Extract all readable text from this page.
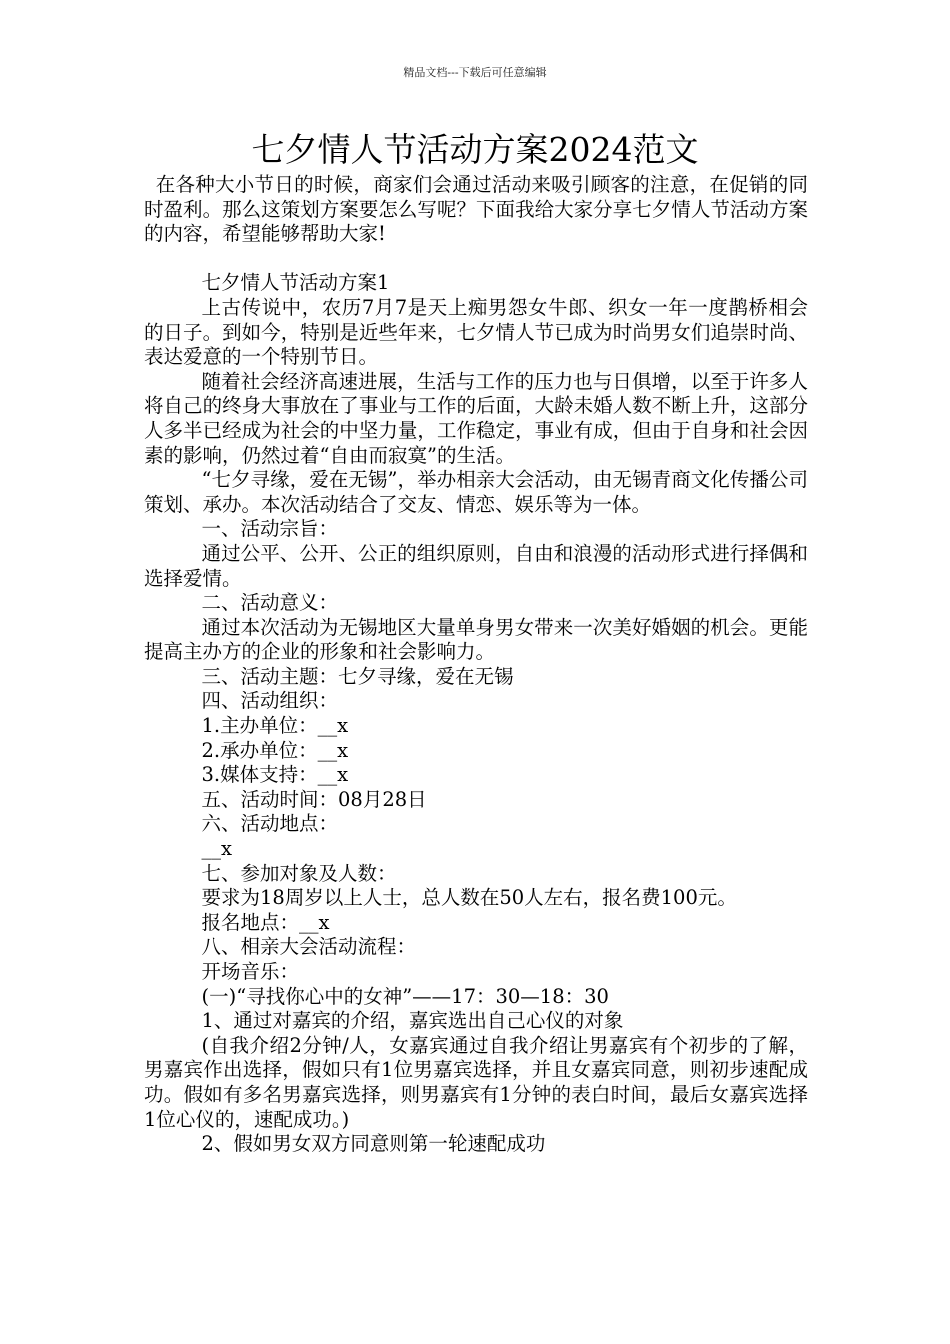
精品文档---下载后可任意编辑
七夕情人节活动方案2024范文

在各种大小节日的时候，商家们会通过活动来吸引顾客的注意，在促销的同时盈利。那么这策划方案要怎么写呢？下面我给大家分享七夕情人节活动方案的内容，希望能够帮助大家!

七夕情人节活动方案1

上古传说中，农历7月7是天上痴男怨女牛郎、织女一年一度鹊桥相会的日子。到如今，特别是近些年来，七夕情人节已成为时尚男女们追崇时尚、表达爱意的一个特别节日。

随着社会经济高速进展，生活与工作的压力也与日俱增，以至于许多人将自己的终身大事放在了事业与工作的后面，大龄未婚人数不断上升，这部分人多半已经成为社会的中坚力量，工作稳定，事业有成，但由于自身和社会因素的影响，仍然过着“自由而寂寞”的生活。

“七夕寻缘，爱在无锡”，举办相亲大会活动，由无锡青商文化传播公司策划、承办。本次活动结合了交友、情恋、娱乐等为一体。

一、活动宗旨：

通过公平、公开、公正的组织原则，自由和浪漫的活动形式进行择偶和选择爱情。

二、活动意义：

通过本次活动为无锡地区大量单身男女带来一次美好婚姻的机会。更能提高主办方的企业的形象和社会影响力。

三、活动主题：七夕寻缘，爱在无锡

四、活动组织：

1.主办单位：__x

2.承办单位：__x

3.媒体支持：__x

五、活动时间：08月28日

六、活动地点：

__x

七、参加对象及人数：

要求为18周岁以上人士，总人数在50人左右，报名费100元。

报名地点：__x

八、相亲大会活动流程：

开场音乐：

(一)“寻找你心中的女神”——17：30—18：30

1、通过对嘉宾的介绍，嘉宾选出自己心仪的对象

(自我介绍2分钟/人，女嘉宾通过自我介绍让男嘉宾有个初步的了解，男嘉宾作出选择，假如只有1位男嘉宾选择，并且女嘉宾同意，则初步速配成功。假如有多名男嘉宾选择，则男嘉宾有1分钟的表白时间，最后女嘉宾选择1位心仪的，速配成功。)

2、假如男女双方同意则第一轮速配成功
